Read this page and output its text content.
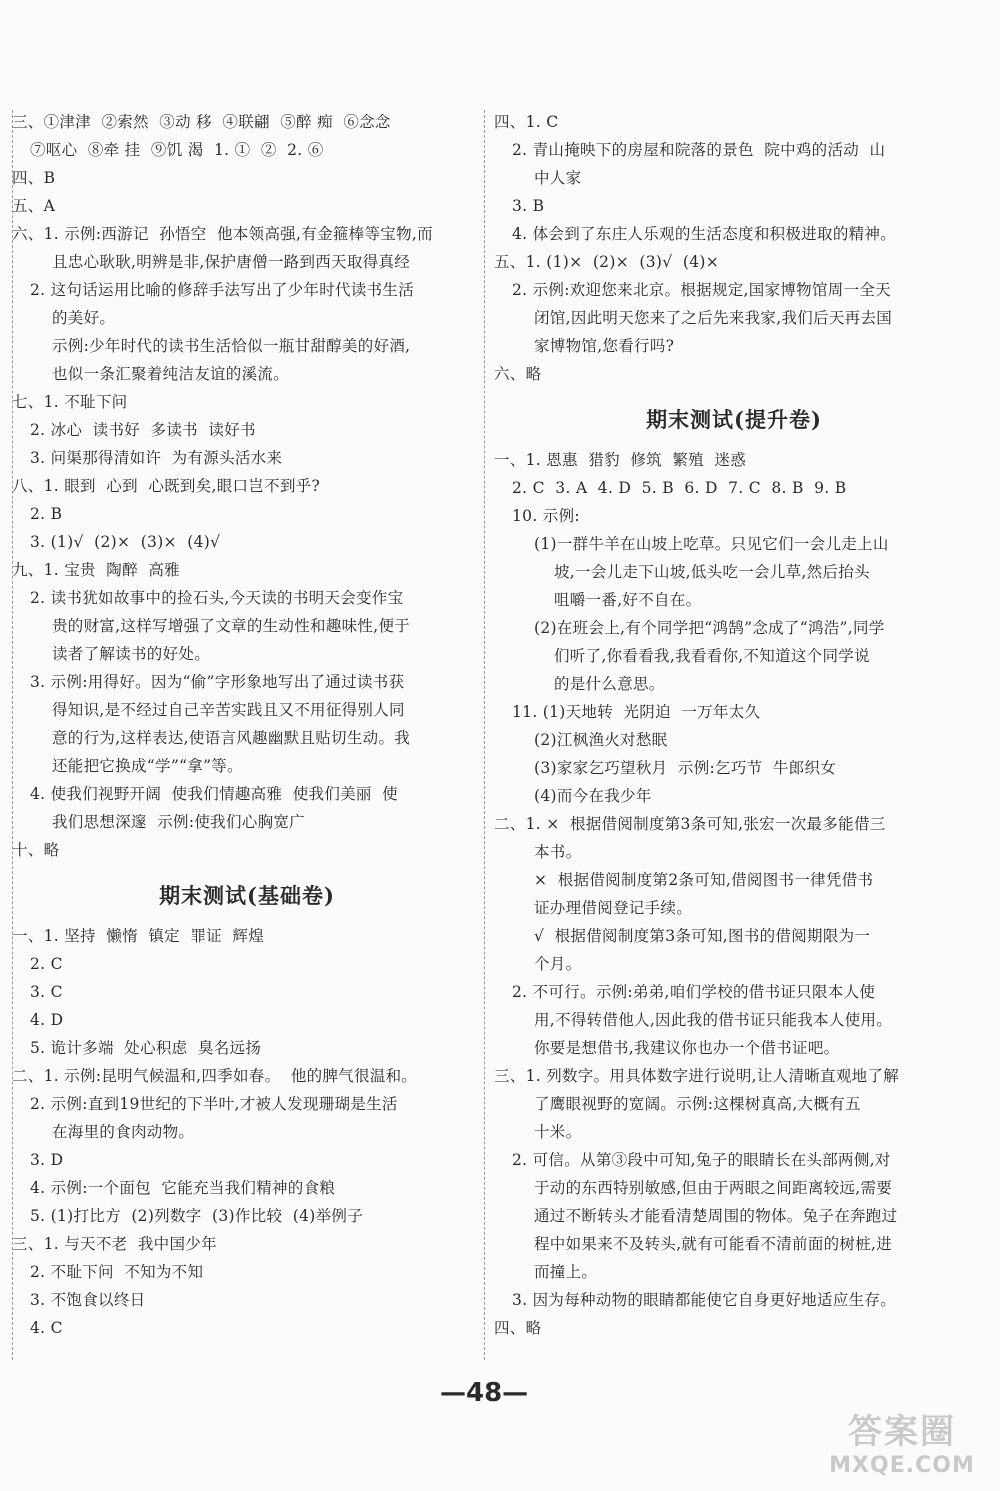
三、①津津  ②索然  ③动 移  ④联翩  ⑤醉 痴  ⑥念念
⑦呕心  ⑧牵 挂  ⑨饥 渴  1. ①  ②  2. ⑥
四、B
五、A
六、1. 示例:西游记  孙悟空  他本领高强,有金箍棒等宝物,而
且忠心耿耿,明辨是非,保护唐僧一路到西天取得真经
2. 这句话运用比喻的修辞手法写出了少年时代读书生活
的美好。
示例:少年时代的读书生活恰似一瓶甘甜醇美的好酒,
也似一条汇聚着纯洁友谊的溪流。
七、1. 不耻下问
2. 冰心  读书好  多读书  读好书
3. 问渠那得清如许  为有源头活水来
八、1. 眼到  心到  心既到矣,眼口岂不到乎?
2. B
3. (1)√  (2)×  (3)×  (4)√
九、1. 宝贵  陶醉  高雅
2. 读书犹如故事中的捡石头,今天读的书明天会变作宝
贵的财富,这样写增强了文章的生动性和趣味性,便于
读者了解读书的好处。
3. 示例:用得好。因为“偷”字形象地写出了通过读书获
得知识,是不经过自己辛苦实践且又不用征得别人同
意的行为,这样表达,使语言风趣幽默且贴切生动。我
还能把它换成“学”“拿”等。
4. 使我们视野开阔  使我们情趣高雅  使我们美丽  使
我们思想深邃  示例:使我们心胸宽广
十、略
期末测试(基础卷)
一、1. 坚持  懒惰  镇定  罪证  辉煌
2. C
3. C
4. D
5. 诡计多端  处心积虑  臭名远扬
二、1. 示例:昆明气候温和,四季如春。  他的脾气很温和。
2. 示例:直到19世纪的下半叶,才被人发现珊瑚是生活
在海里的食肉动物。
3. D
4. 示例:一个面包  它能充当我们精神的食粮
5. (1)打比方  (2)列数字  (3)作比较  (4)举例子
三、1. 与天不老  我中国少年
2. 不耻下问  不知为不知
3. 不饱食以终日
4. C
四、1. C
2. 青山掩映下的房屋和院落的景色  院中鸡的活动  山
中人家
3. B
4. 体会到了东庄人乐观的生活态度和积极进取的精神。
五、1. (1)×  (2)×  (3)√  (4)×
2. 示例:欢迎您来北京。根据规定,国家博物馆周一全天
闭馆,因此明天您来了之后先来我家,我们后天再去国
家博物馆,您看行吗?
六、略
期末测试(提升卷)
一、1. 恩惠  猎豹  修筑  繁殖  迷惑
2. C  3. A  4. D  5. B  6. D  7. C  8. B  9. B
10. 示例:
(1)一群牛羊在山坡上吃草。只见它们一会儿走上山
坡,一会儿走下山坡,低头吃一会儿草,然后抬头
咀嚼一番,好不自在。
(2)在班会上,有个同学把“鸿鹄”念成了“鸿浩”,同学
们听了,你看看我,我看看你,不知道这个同学说
的是什么意思。
11. (1)天地转  光阴迫  一万年太久
(2)江枫渔火对愁眠
(3)家家乞巧望秋月  示例:乞巧节  牛郎织女
(4)而今在我少年
二、1. ×  根据借阅制度第3条可知,张宏一次最多能借三
本书。
×  根据借阅制度第2条可知,借阅图书一律凭借书
证办理借阅登记手续。
√  根据借阅制度第3条可知,图书的借阅期限为一
个月。
2. 不可行。示例:弟弟,咱们学校的借书证只限本人使
用,不得转借他人,因此我的借书证只能我本人使用。
你要是想借书,我建议你也办一个借书证吧。
三、1. 列数字。用具体数字进行说明,让人清晰直观地了解
了鹰眼视野的宽阔。示例:这棵树真高,大概有五
十米。
2. 可信。从第③段中可知,兔子的眼睛长在头部两侧,对
于动的东西特别敏感,但由于两眼之间距离较远,需要
通过不断转头才能看清楚周围的物体。兔子在奔跑过
程中如果来不及转头,就有可能看不清前面的树桩,进
而撞上。
3. 因为每种动物的眼睛都能使它自身更好地适应生存。
四、略
—48—
答案圈
MXQE.COM
